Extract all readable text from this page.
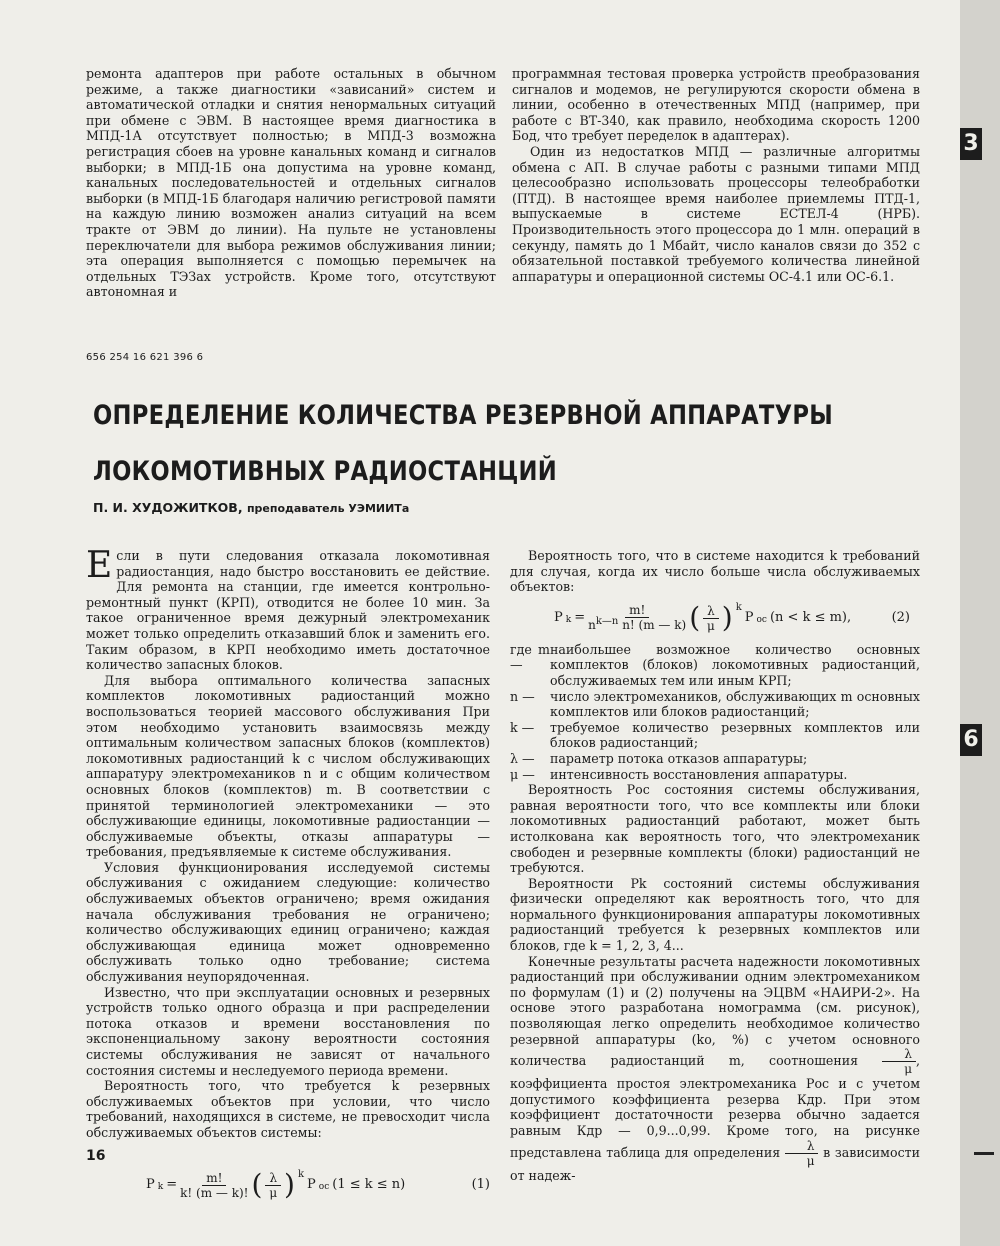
ремонта адаптеров при работе остальных в обычном режиме, а также диагностики «зависаний» систем и автоматической отладки и снятия ненормальных ситуаций при обмене с ЭВМ. В настоящее время диагностика в МПД-1А отсутствует полностью; в МПД-3 возможна регистрация сбоев на уровне канальных команд и сигналов выборки; в МПД-1Б она допустима на уровне команд, канальных последовательностей и отдельных сигналов выборки (в МПД-1Б благодаря наличию регистровой памяти на каждую линию возможен анализ ситуаций на всем тракте от ЭВМ до линии). На пульте не установлены переключатели для выбора режимов обслуживания линии; эта операция выполняется с помощью перемычек на отдельных ТЭЗах устройств. Кроме того, отсутствуют автономная и

программная тестовая проверка устройств преобразования сигналов и модемов, не регулируются скорости обмена в линии, особенно в отечественных МПД (например, при работе с ВТ-340, как правило, необходима скорость 1200 Бод, что требует переделок в адаптерах).

Один из недостатков МПД — различные алгоритмы обмена с АП. В случае работы с разными типами МПД целесообразно использовать процессоры телеобработки (ПТД). В настоящее время наиболее приемлемы ПТД-1, выпускаемые в системе ЕСТЕЛ-4 (НРБ). Производительность этого процессора до 1 млн. операций в секунду, память до 1 Мбайт, число каналов связи до 352 с обязательной поставкой требуемого количества линейной аппаратуры и операционной системы ОС-4.1 или ОС-6.1.

656 254 16 621 396 6
ОПРЕДЕЛЕНИЕ КОЛИЧЕСТВА РЕЗЕРВНОЙ АППАРАТУРЫ
ЛОКОМОТИВНЫХ РАДИОСТАНЦИЙ
П. И. ХУДОЖИТКОВ, преподаватель УЭМИИТа

Если в пути следования отказала локомотивная радиостанция, надо быстро восстановить ее действие. Для ремонта на станции, где имеется контрольно-ремонтный пункт (КРП), отводится не более 10 мин. За такое ограниченное время дежурный электромеханик может только определить отказавший блок и заменить его. Таким образом, в КРП необходимо иметь достаточное количество запасных блоков.

Для выбора оптимального количества запасных комплектов локомотивных радиостанций можно воспользоваться теорией массового обслуживания При этом необходимо установить взаимосвязь между оптимальным количеством запасных блоков (комплектов) локомотивных радиостанций k с числом обслуживающих аппаратуру электромехаников n и с общим количеством основных блоков (комплектов) m. В соответствии с принятой терминологией электромеханики — это обслуживающие единицы, локомотивные радиостанции — обслуживаемые объекты, отказы аппаратуры — требования, предъявляемые к системе обслуживания.

Условия функционирования исследуемой системы обслуживания с ожиданием следующие: количество обслуживаемых объектов ограничено; время ожидания начала обслуживания требования не ограничено; количество обслуживающих единиц ограничено; каждая обслуживающая единица может одновременно обслуживать только одно требование; система обслуживания неупорядоченная.

Известно, что при эксплуатации основных и резервных устройств только одного образца и при распределении потока отказов и времени восстановления по экспоненциальному закону вероятности состояния системы обслуживания не зависят от начального состояния системы и неследуемого периода времени.

Вероятность того, что требуется k резервных обслуживаемых объектов при условии, что число требований, находящихся в системе, не превосходит числа обслуживаемых объектов системы:

P $k = \frac{m!}{k! (m — k)!}$ ( $\frac{\lambda}{\mu}$ ) k
P oc (1 ≤ k ≤ n)	(1)

Вероятность того, что в системе находится k требований для случая, когда их число больше числа обслуживаемых объектов:

P $k = \frac{m!}{n^{k—n} n! (m — k)}$ ( $\frac{\lambda}{\mu}$ ) k
P oc (n < k ≤ m),	(2)
где m —
наибольшее возможное количество основных комплектов (блоков) локомотивных радиостанций, обслуживаемых тем или иным КРП;
n —	число электромехаников, обслуживающих m основных комплектов или блоков радиостанций;
k —	требуемое количество резервных комплектов или блоков радиостанций;
λ —	параметр потока отказов аппаратуры;
μ —	интенсивность восстановления аппаратуры.

Вероятность Pос состояния системы обслуживания, равная вероятности того, что все комплекты или блоки локомотивных радиостанций работают, может быть истолкована как вероятность того, что электромеханик свободен и резервные комплекты (блоки) радиостанций не требуются.

Вероятности Pk состояний системы обслуживания физически определяют как вероятность того, что для нормального функционирования аппаратуры локомотивных радиостанций требуется k резервных комплектов или блоков, где k = 1, 2, 3, 4...

Конечные результаты расчета надежности локомотивных радиостанций при обслуживании одним электромехаником по формулам (1) и (2) получены на ЭЦВМ «НАИРИ-2». На основе этого разработана номограмма (см. рисунок), позволяющая легко определить необходимое количество резервной аппаратуры (kо, %) с учетом основного количества радиостанций m, соотношения $\frac{\lambda}{\mu}$ , коэффициента простоя электромеханика Pос и с учетом допустимого коэффициента резерва Кдр. При этом коэффициент достаточности резерва обычно задается равным Кдр — 0,9...0,99. Кроме того, на рисунке представлена таблица для определения $\frac{\lambda}{\mu}$ в зависимости от надеж-

16
3
6
